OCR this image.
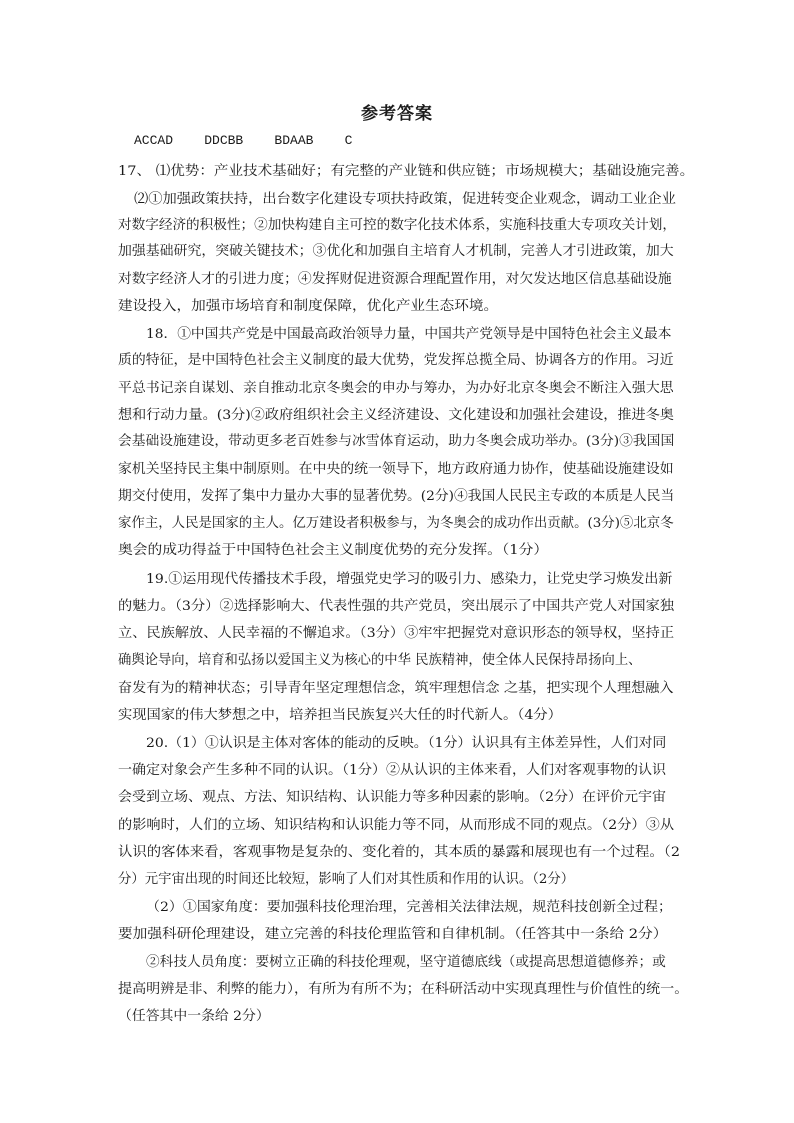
参考答案
ACCAD    DDCBB    BDAAB    C
17、 ⑴优势：产业技术基础好；有完整的产业链和供应链；市场规模大；基础设施完善。
⑵①加强政策扶持，出台数字化建设专项扶持政策，促进转变企业观念，调动工业企业
对数字经济的积极性；②加快构建自主可控的数字化技术体系，实施科技重大专项攻关计划，
加强基础研究，突破关键技术；③优化和加强自主培育人才机制，完善人才引进政策，加大
对数字经济人才的引进力度；④发挥财促进资源合理配置作用，对欠发达地区信息基础设施
建设投入，加强市场培育和制度保障，优化产业生态环境。
18．①中国共产党是中国最高政治领导力量，中国共产党领导是中国特色社会主义最本
质的特征，是中国特色社会主义制度的最大优势，党发挥总揽全局、协调各方的作用。习近
平总书记亲自谋划、亲自推动北京冬奥会的申办与筹办，为办好北京冬奥会不断注入强大思
想和行动力量。(3分)②政府组织社会主义经济建设、文化建设和加强社会建设，推进冬奥
会基础设施建设，带动更多老百姓参与冰雪体育运动，助力冬奥会成功举办。(3分)③我国国
家机关坚持民主集中制原则。在中央的统一领导下，地方政府通力协作，使基础设施建设如
期交付使用，发挥了集中力量办大事的显著优势。(2分)④我国人民民主专政的本质是人民当
家作主，人民是国家的主人。亿万建设者积极参与，为冬奥会的成功作出贡献。(3分)⑤北京冬
奥会的成功得益于中国特色社会主义制度优势的充分发挥。（1分）
19.①运用现代传播技术手段，增强党史学习的吸引力、感染力，让党史学习焕发出新
的魅力。（3分）②选择影响大、代表性强的共产党员，突出展示了中国共产党人对国家独
立、民族解放、人民幸福的不懈追求。（3分）③牢牢把握党对意识形态的领导权，坚持正
确舆论导向，培育和弘扬以爱国主义为核心的中华 民族精神，使全体人民保持昂扬向上、
奋发有为的精神状态；引导青年坚定理想信念，筑牢理想信念 之基，把实现个人理想融入
实现国家的伟大梦想之中，培养担当民族复兴大任的时代新人。（4分）
20.（1）①认识是主体对客体的能动的反映。（1分）认识具有主体差异性，人们对同
一确定对象会产生多种不同的认识。（1分）②从认识的主体来看，人们对客观事物的认识
会受到立场、观点、方法、知识结构、认识能力等多种因素的影响。（2分）在评价元宇宙
的影响时，人们的立场、知识结构和认识能力等不同，从而形成不同的观点。（2分）③从
认识的客体来看，客观事物是复杂的、变化着的，其本质的暴露和展现也有一个过程。（2
分）元宇宙出现的时间还比较短，影响了人们对其性质和作用的认识。（2分）
（2）①国家角度：要加强科技伦理治理，完善相关法律法规，规范科技创新全过程；
要加强科研伦理建设，建立完善的科技伦理监管和自律机制。（任答其中一条给 2分）
②科技人员角度：要树立正确的科技伦理观，坚守道德底线（或提高思想道德修养；或
提高明辨是非、利弊的能力），有所为有所不为；在科研活动中实现真理性与价值性的统一。
（任答其中一条给 2分）
